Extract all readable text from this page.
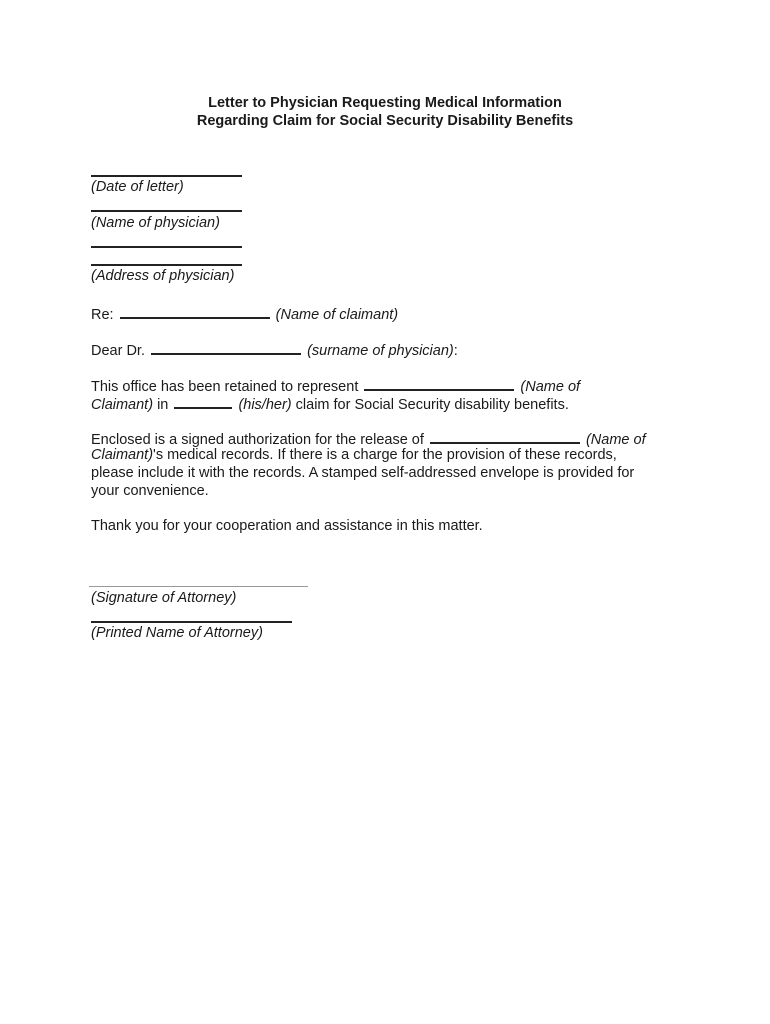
Letter to Physician Requesting Medical Information
Regarding Claim for Social Security Disability Benefits
(Date of letter)
(Name of physician)
(Address of physician)
Re:	(Name of claimant)
Dear Dr.	(surname of physician):
This office has been retained to represent	(Name of
Claimant) in	(his/her) claim for Social Security disability benefits.
Enclosed is a signed authorization for the release of	(Name of
Claimant)'s medical records. If there is a charge for the provision of these records,
please include it with the records. A stamped self-addressed envelope is provided for
your convenience.
Thank you for your cooperation and assistance in this matter.
(Signature of Attorney)
(Printed Name of Attorney)
